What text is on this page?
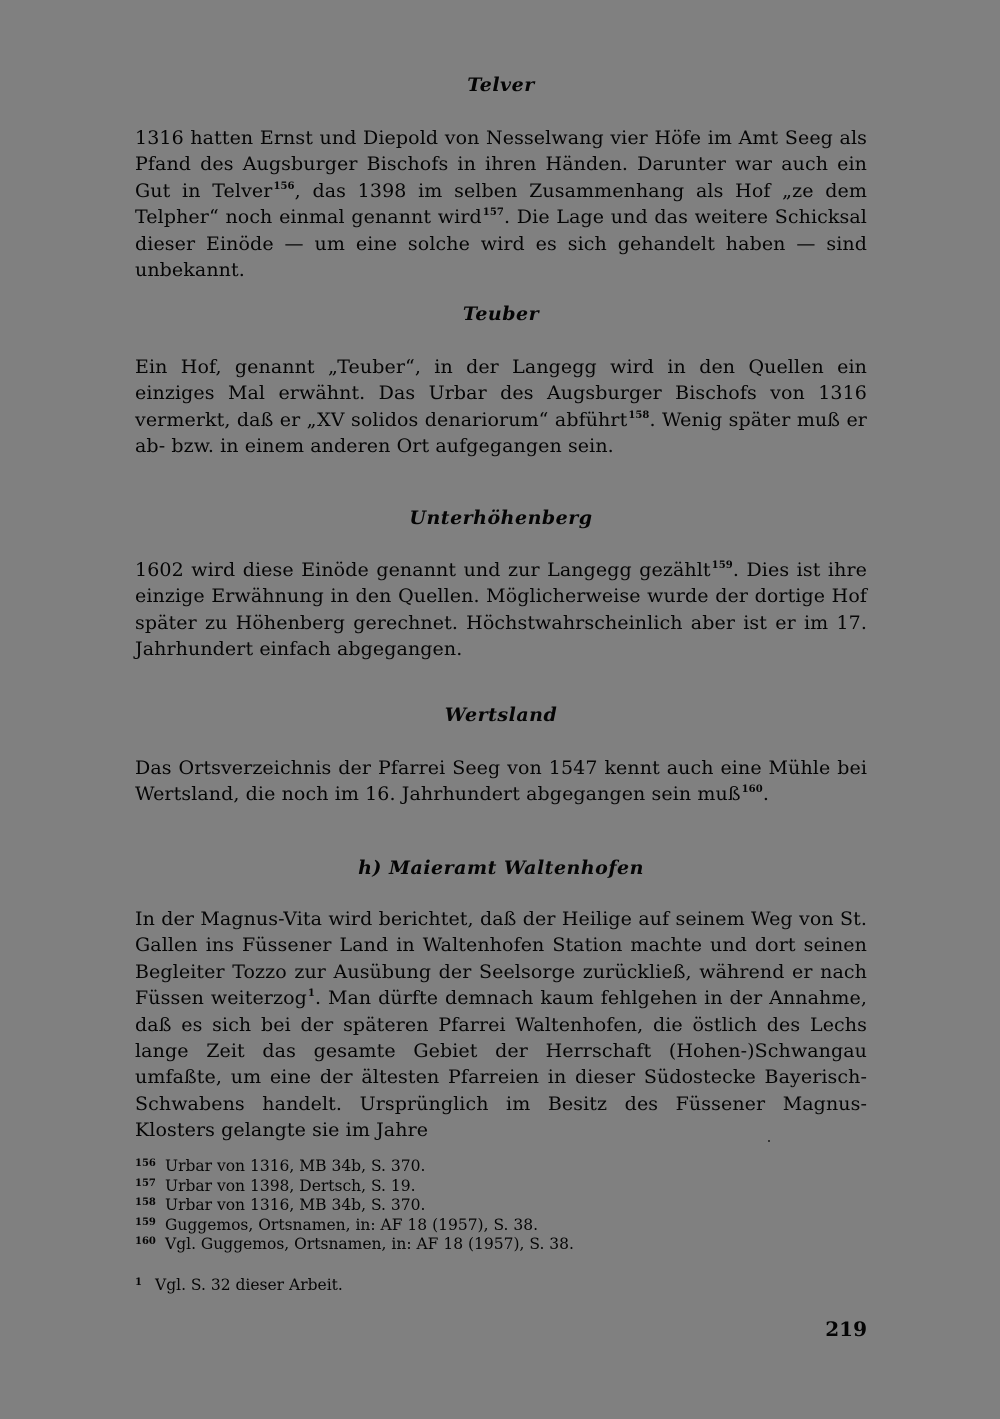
Telver

1316 hatten Ernst und Diepold von Nesselwang vier Höfe im Amt Seeg als Pfand des Augsburger Bischofs in ihren Händen. Darunter war auch ein Gut in Telver$^{156}$, das 1398 im selben Zusammenhang als Hof „ze dem Telpher“ noch einmal genannt wird$^{157}$. Die Lage und das weitere Schicksal dieser Einöde — um eine solche wird es sich gehandelt haben — sind unbekannt.

Teuber

Ein Hof, genannt „Teuber“, in der Langegg wird in den Quellen ein einziges Mal erwähnt. Das Urbar des Augsburger Bischofs von 1316 vermerkt, daß er „XV solidos denariorum“ abführt$^{158}$. Wenig später muß er ab- bzw. in einem anderen Ort aufgegangen sein.

Unterhöhenberg

1602 wird diese Einöde genannt und zur Langegg gezählt$^{159}$. Dies ist ihre einzige Erwähnung in den Quellen. Möglicherweise wurde der dortige Hof später zu Höhenberg gerechnet. Höchstwahrscheinlich aber ist er im 17. Jahrhundert einfach abgegangen.

Wertsland

Das Ortsverzeichnis der Pfarrei Seeg von 1547 kennt auch eine Mühle bei Wertsland, die noch im 16. Jahrhundert abgegangen sein muß$^{160}$.

h) Maieramt Waltenhofen

In der Magnus-Vita wird berichtet, daß der Heilige auf seinem Weg von St. Gallen ins Füssener Land in Waltenhofen Station machte und dort seinen Begleiter Tozzo zur Ausübung der Seelsorge zurückließ, während er nach Füssen weiterzog$^1$. Man dürfte demnach kaum fehlgehen in der Annahme, daß es sich bei der späteren Pfarrei Waltenhofen, die östlich des Lechs lange Zeit das gesamte Gebiet der Herrschaft (Hohen-)Schwangau umfaßte, um eine der ältesten Pfarreien in dieser Südostecke Bayerisch-Schwabens handelt. Ursprünglich im Besitz des Füssener Magnus-Klosters gelangte sie im Jahre

156 Urbar von 1316, MB 34b, S. 370.
157 Urbar von 1398, Dertsch, S. 19.
158 Urbar von 1316, MB 34b, S. 370.
159 Guggemos, Ortsnamen, in: AF 18 (1957), S. 38.
160 Vgl. Guggemos, Ortsnamen, in: AF 18 (1957), S. 38.
1 Vgl. S. 32 dieser Arbeit.
219
